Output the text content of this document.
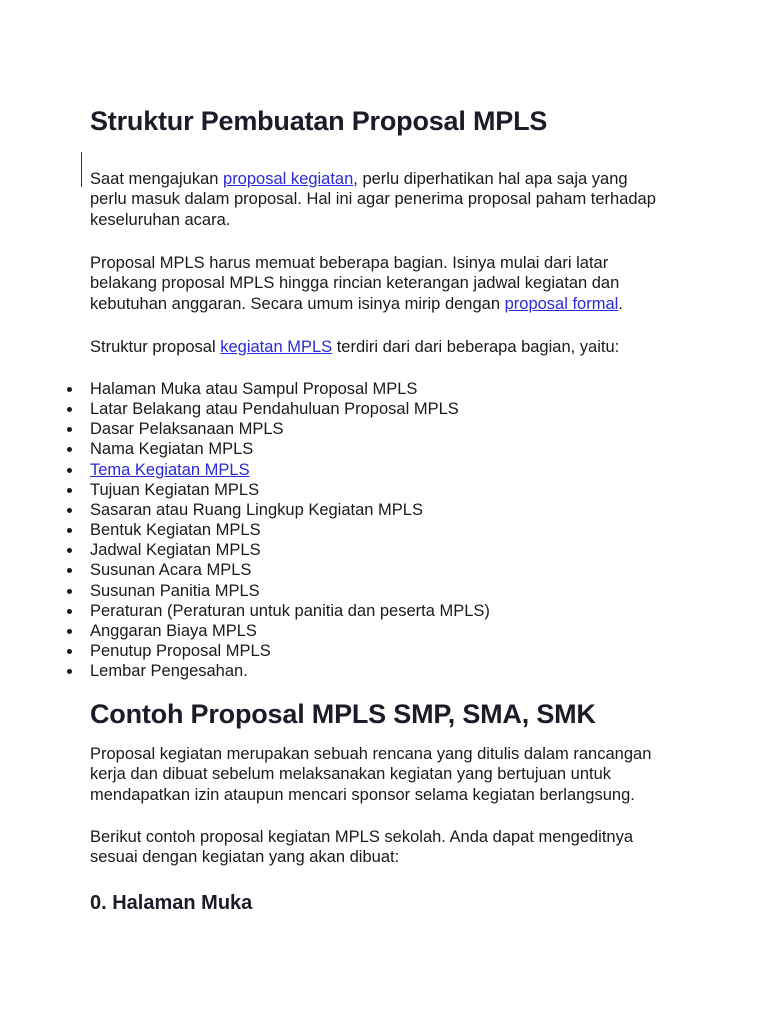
Struktur Pembuatan Proposal MPLS

Saat mengajukan proposal kegiatan, perlu diperhatikan hal apa saja yang
perlu masuk dalam proposal. Hal ini agar penerima proposal paham terhadap
keseluruhan acara.

Proposal MPLS harus memuat beberapa bagian. Isinya mulai dari latar
belakang proposal MPLS hingga rincian keterangan jadwal kegiatan dan
kebutuhan anggaran. Secara umum isinya mirip dengan proposal formal.

Struktur proposal kegiatan MPLS terdiri dari dari beberapa bagian, yaitu:

Halaman Muka atau Sampul Proposal MPLS
Latar Belakang atau Pendahuluan Proposal MPLS
Dasar Pelaksanaan MPLS
Nama Kegiatan MPLS
Tema Kegiatan MPLS
Tujuan Kegiatan MPLS
Sasaran atau Ruang Lingkup Kegiatan MPLS
Bentuk Kegiatan MPLS
Jadwal Kegiatan MPLS
Susunan Acara MPLS
Susunan Panitia MPLS
Peraturan (Peraturan untuk panitia dan peserta MPLS)
Anggaran Biaya MPLS
Penutup Proposal MPLS
Lembar Pengesahan.
Contoh Proposal MPLS SMP, SMA, SMK

Proposal kegiatan merupakan sebuah rencana yang ditulis dalam rancangan
kerja dan dibuat sebelum melaksanakan kegiatan yang bertujuan untuk
mendapatkan izin ataupun mencari sponsor selama kegiatan berlangsung.

Berikut contoh proposal kegiatan MPLS sekolah. Anda dapat mengeditnya
sesuai dengan kegiatan yang akan dibuat:

0. Halaman Muka
